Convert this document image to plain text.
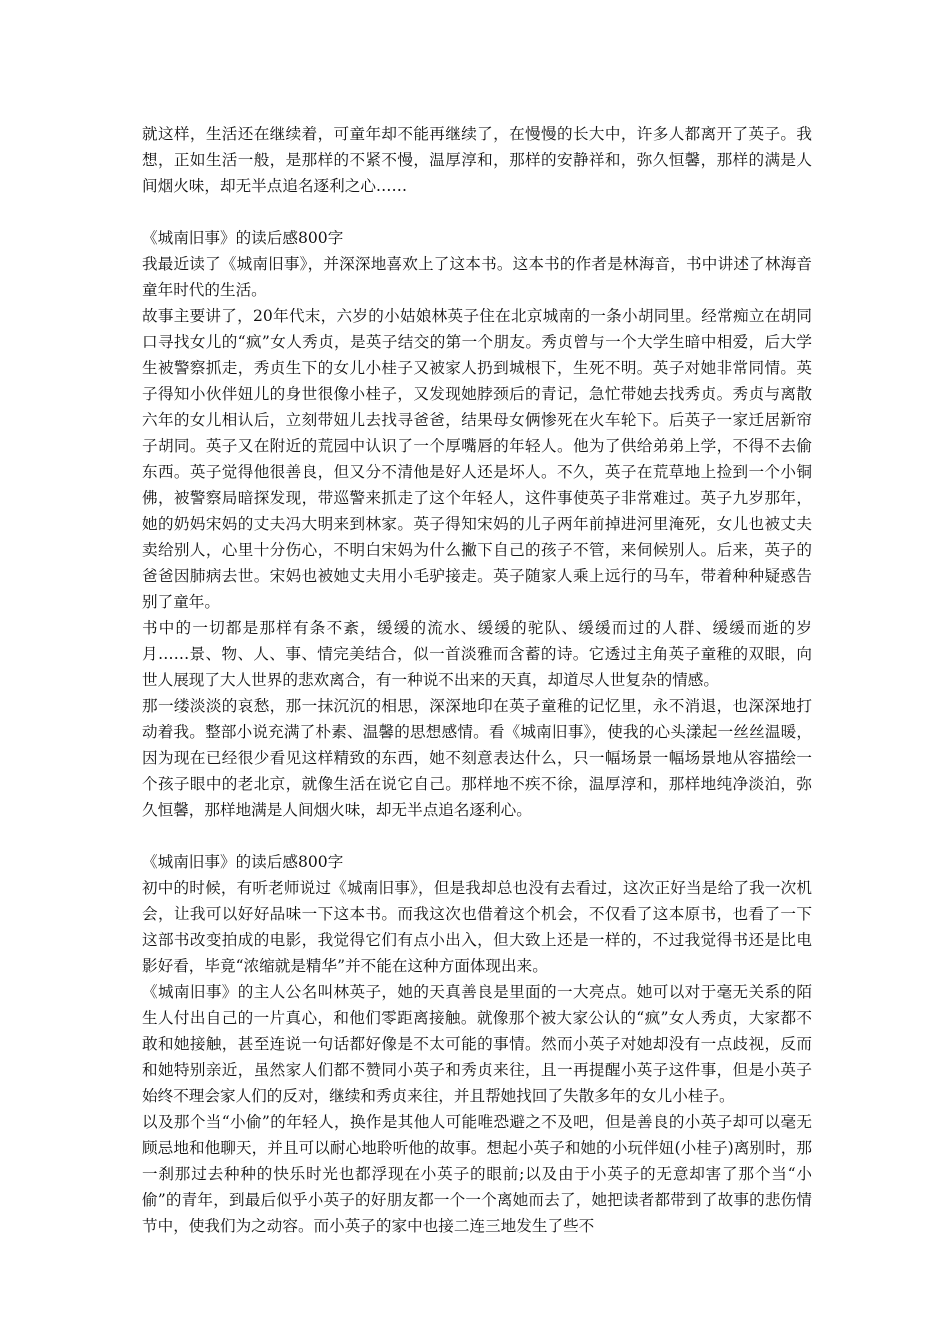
就这样，生活还在继续着，可童年却不能再继续了，在慢慢的长大中，许多人都离开了英子。我想，正如生活一般，是那样的不紧不慢，温厚淳和，那样的安静祥和，弥久恒馨，那样的满是人间烟火味，却无半点追名逐利之心……

《城南旧事》的读后感800字

我最近读了《城南旧事》，并深深地喜欢上了这本书。这本书的作者是林海音，书中讲述了林海音童年时代的生活。

故事主要讲了，20年代末，六岁的小姑娘林英子住在北京城南的一条小胡同里。经常痴立在胡同口寻找女儿的“疯”女人秀贞，是英子结交的第一个朋友。秀贞曾与一个大学生暗中相爱，后大学生被警察抓走，秀贞生下的女儿小桂子又被家人扔到城根下，生死不明。英子对她非常同情。英子得知小伙伴妞儿的身世很像小桂子，又发现她脖颈后的青记，急忙带她去找秀贞。秀贞与离散六年的女儿相认后，立刻带妞儿去找寻爸爸，结果母女俩惨死在火车轮下。后英子一家迁居新帘子胡同。英子又在附近的荒园中认识了一个厚嘴唇的年轻人。他为了供给弟弟上学，不得不去偷东西。英子觉得他很善良，但又分不清他是好人还是坏人。不久，英子在荒草地上捡到一个小铜佛，被警察局暗探发现，带巡警来抓走了这个年轻人，这件事使英子非常难过。英子九岁那年，她的奶妈宋妈的丈夫冯大明来到林家。英子得知宋妈的儿子两年前掉进河里淹死，女儿也被丈夫卖给别人，心里十分伤心，不明白宋妈为什么撇下自己的孩子不管，来伺候别人。后来，英子的爸爸因肺病去世。宋妈也被她丈夫用小毛驴接走。英子随家人乘上远行的马车，带着种种疑惑告别了童年。

书中的一切都是那样有条不紊，缓缓的流水、缓缓的驼队、缓缓而过的人群、缓缓而逝的岁月……景、物、人、事、情完美结合，似一首淡雅而含蓄的诗。它透过主角英子童稚的双眼，向世人展现了大人世界的悲欢离合，有一种说不出来的天真，却道尽人世复杂的情感。

那一缕淡淡的哀愁，那一抹沉沉的相思，深深地印在英子童稚的记忆里，永不消退，也深深地打动着我。整部小说充满了朴素、温馨的思想感情。看《城南旧事》，使我的心头漾起一丝丝温暖，因为现在已经很少看见这样精致的东西，她不刻意表达什么，只一幅场景一幅场景地从容描绘一个孩子眼中的老北京，就像生活在说它自己。那样地不疾不徐，温厚淳和，那样地纯净淡泊，弥久恒馨，那样地满是人间烟火味，却无半点追名逐利心。

《城南旧事》的读后感800字

初中的时候，有听老师说过《城南旧事》，但是我却总也没有去看过，这次正好当是给了我一次机会，让我可以好好品味一下这本书。而我这次也借着这个机会，不仅看了这本原书，也看了一下这部书改变拍成的电影，我觉得它们有点小出入，但大致上还是一样的，不过我觉得书还是比电影好看，毕竟“浓缩就是精华”并不能在这种方面体现出来。

《城南旧事》的主人公名叫林英子，她的天真善良是里面的一大亮点。她可以对于毫无关系的陌生人付出自己的一片真心，和他们零距离接触。就像那个被大家公认的“疯”女人秀贞，大家都不敢和她接触，甚至连说一句话都好像是不太可能的事情。然而小英子对她却没有一点歧视，反而和她特别亲近，虽然家人们都不赞同小英子和秀贞来往，且一再提醒小英子这件事，但是小英子始终不理会家人们的反对，继续和秀贞来往，并且帮她找回了失散多年的女儿小桂子。

以及那个当“小偷”的年轻人，换作是其他人可能唯恐避之不及吧，但是善良的小英子却可以毫无顾忌地和他聊天，并且可以耐心地聆听他的故事。想起小英子和她的小玩伴妞(小桂子)离别时，那一刹那过去种种的快乐时光也都浮现在小英子的眼前;以及由于小英子的无意却害了那个当“小偷”的青年，到最后似乎小英子的好朋友都一个一个离她而去了，她把读者都带到了故事的悲伤情节中，使我们为之动容。而小英子的家中也接二连三地发生了些不
